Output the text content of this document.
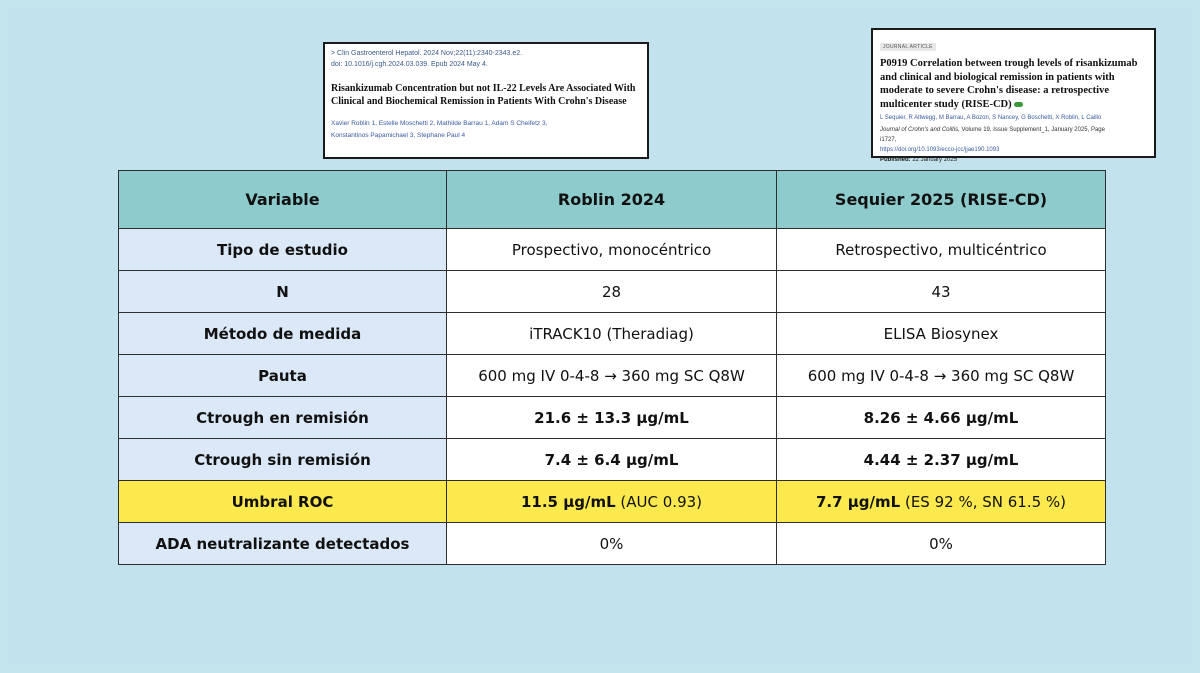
> Clin Gastroenterol Hepatol. 2024 Nov;22(11):2340-2343.e2.
doi: 10.1016/j.cgh.2024.03.039. Epub 2024 May 4.
Risankizumab Concentration but not IL-22 Levels Are Associated With Clinical and Biochemical Remission in Patients With Crohn's Disease
Xavier Roblin 1, Estelle Moschetti 2, Mathilde Barrau 1, Adam S Cheifetz 3,
Konstantinos Papamichael 3, Stephane Paul 4
JOURNAL ARTICLE
P0919 Correlation between trough levels of risankizumab and clinical and biological remission in patients with moderate to severe Crohn's disease: a retrospective multicenter study (RISE-CD)
L Sequier, R Altwegg, M Barrau, A Bozon, S Nancey, G Boschetti, X Roblin, L Caillo
Journal of Crohn's and Colitis, Volume 19, Issue Supplement_1, January 2025, Page
i1727,
https://doi.org/10.1093/ecco-jcc/jjae190.1093
Published: 22 January 2025
Variable	Roblin 2024	Sequier 2025 (RISE-CD)
Tipo de estudio	Prospectivo, monocéntrico	Retrospectivo, multicéntrico
N	28	43
Método de medida	iTRACK10 (Theradiag)	ELISA Biosynex
Pauta	600 mg IV 0-4-8 → 360 mg SC Q8W	600 mg IV 0-4-8 → 360 mg SC Q8W
Ctrough en remisión	21.6 ± 13.3 µg/mL	8.26 ± 4.66 µg/mL
Ctrough sin remisión	7.4 ± 6.4 µg/mL	4.44 ± 2.37 µg/mL
Umbral ROC	11.5 µg/mL (AUC 0.93)	7.7 µg/mL (ES 92 %, SN 61.5 %)
ADA neutralizante detectados	0%	0%
